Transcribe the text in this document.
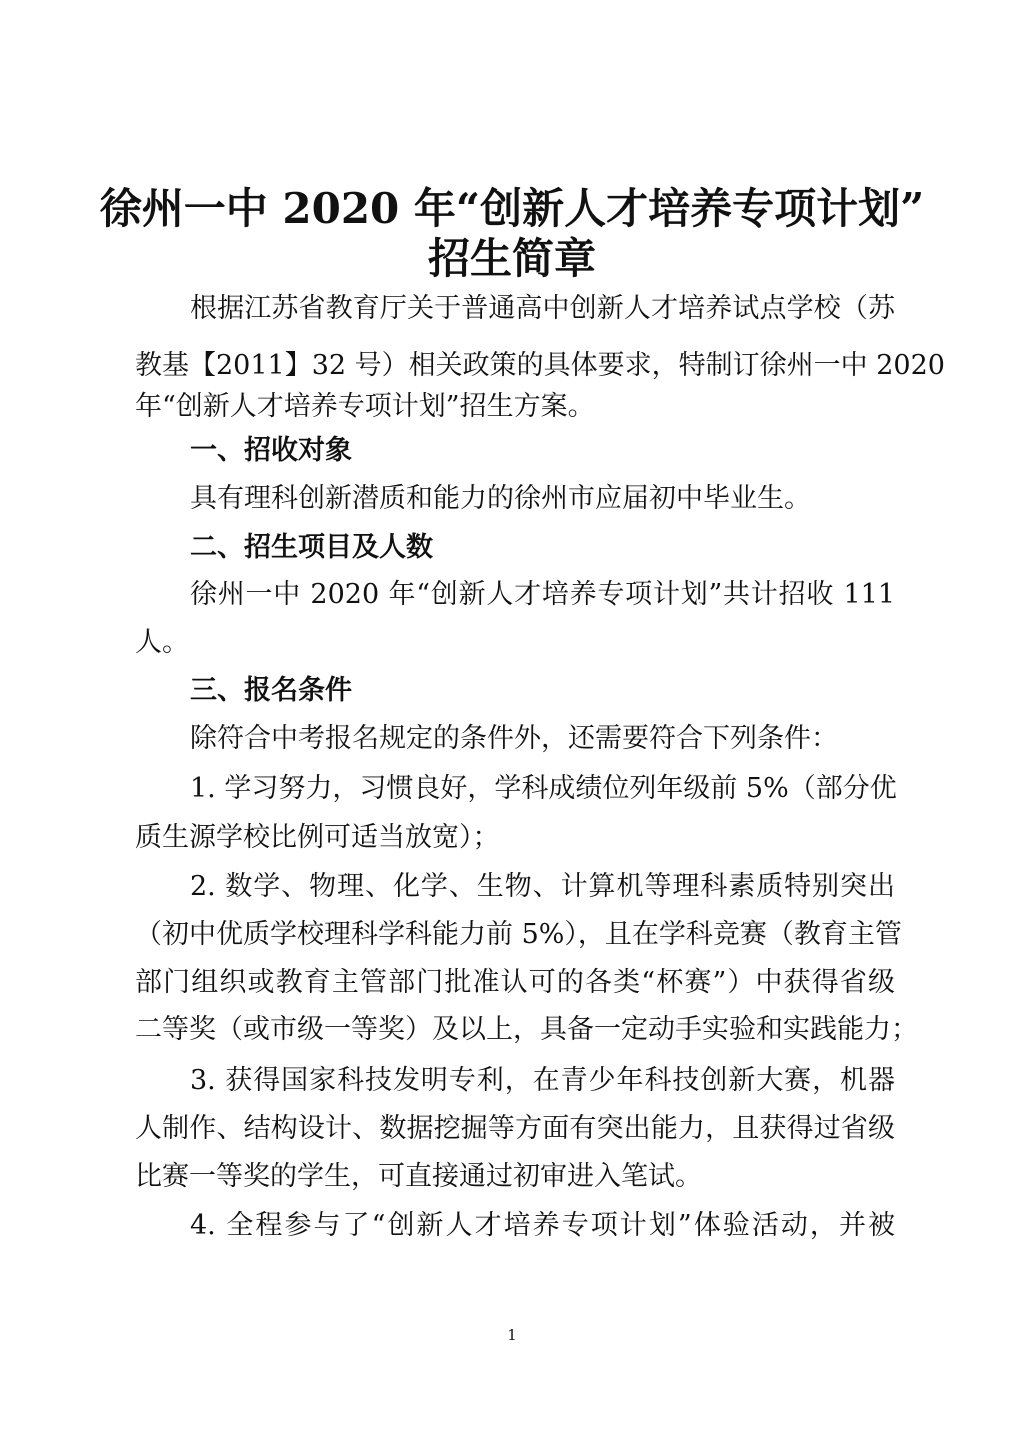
徐州一中 2020 年“创新人才培养专项计划”
招生简章

根据江苏省教育厅关于普通高中创新人才培养试点学校（苏

教基【2011】32 号）相关政策的具体要求，特制订徐州一中 2020

年“创新人才培养专项计划”招生方案。

一、招收对象

具有理科创新潜质和能力的徐州市应届初中毕业生。

二、招生项目及人数

徐州一中 2020 年“创新人才培养专项计划”共计招收 111

人。

三、报名条件

除符合中考报名规定的条件外，还需要符合下列条件：

1. 学习努力，习惯良好，学科成绩位列年级前 5%（部分优

质生源学校比例可适当放宽）；

2. 数学、物理、化学、生物、计算机等理科素质特别突出

（初中优质学校理科学科能力前 5%），且在学科竞赛（教育主管

部门组织或教育主管部门批准认可的各类“杯赛”）中获得省级

二等奖（或市级一等奖）及以上，具备一定动手实验和实践能力；

3. 获得国家科技发明专利，在青少年科技创新大赛，机器

人制作、结构设计、数据挖掘等方面有突出能力，且获得过省级

比赛一等奖的学生，可直接通过初审进入笔试。

4. 全程参与了“创新人才培养专项计划”体验活动，并被

1
